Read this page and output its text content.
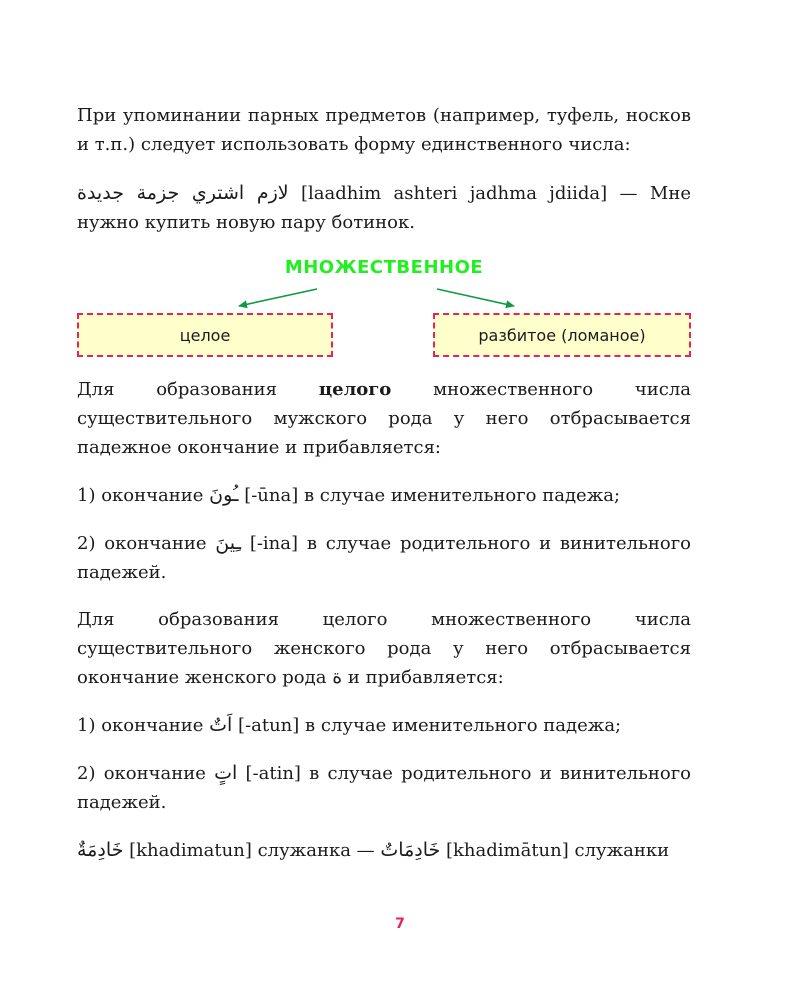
При упоминании парных предметов (например, туфель, носков и т.п.) следует использовать форму единственного числа:

لازم اشتري جزمة جديدة [laadhim ashteri jadhma jdiida] — Мне нужно купить новую пару ботинок.

МНОЖЕСТВЕННОЕ
целое	разбитое (ломаное)

Для образования целого множественного числа существительного мужского рода у него отбрасывается падежное окончание и прибавляется:

1) окончание ـُونَ [-ūna] в случае именительного падежа;

2) окончание ـِينَ [-ina] в случае родительного и винительного падежей.

Для образования целого множественного числа существительного женского рода у него отбрасывается окончание женского рода ة и прибавляется:

1) окончание اَتٌ [-atun] в случае именительного падежа;

2) окончание اتٍ [-atin] в случае родительного и винительного падежей.

خَادِمَةٌ [khadimatun] служанка — خَادِمَاتٌ [khadimātun] служанки

7
